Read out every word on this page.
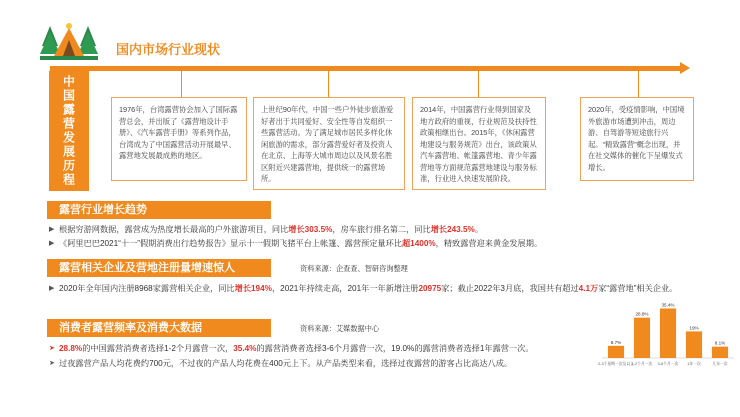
国内市场行业现状
中国露营发展历程	1976年，台湾露营协会加入了国际露营总会，并出版了《露营地设计手册》、《汽车露营手册》等系列作品，台湾成为了中国露营活动开展最早、露营地发展最成熟的地区。
上世纪90年代，中国一些户外徒步旅游爱好者出于共同爱好、安全性等自发组织一些露营活动。为了满足城市居民多样化休闲旅游的需求，部分露营爱好者及投资人在北京、上海等大城市周边以及风景名胜区附近兴建露营地，提供统一的露营场所。
2014年，中国露营行业得到国家及地方政府的重视，行业规范及扶持性政策相继出台。2015年，《休闲露营地建设与服务规范》出台，该政策从汽车露营地、帐篷露营地、青少年露营地等方面规范露营地建设与服务标准，行业进入快速发展阶段。
2020年，受疫情影响，中国境外旅游市场遭到冲击，周边游、自驾游等短途旅行兴起。“精致露营”概念出现，并在社交媒体的催化下呈爆发式增长。
露营行业增长趋势
▶ 根据穷游网数据，露营成为热度增长最高的户外旅游项目，同比增长303.5%，房车旅行排名第二，同比增长243.5%。
▶ 《阿里巴巴2021“十一”假期消费出行趋势报告》显示十一假期飞猪平台上帐篷、露营预定量环比超1400%，精致露营迎来黄金发展期。
露营相关企业及营地注册量增速惊人	资料来源：企查查、智研咨询整理
▶ 2020年全年国内注册8968家露营相关企业，同比增长194%，2021年持续走高，201年一年新增注册20975家；截止2022年3月底，我国共有超过4.1万家“露营地”相关企业。
消费者露营频率及消费大数据	资料来源：艾媒数据中心
➤ 28.8%的中国露营消费者选择1-2个月露营一次，35.4%的露营消费者选择3-6个月露营一次，19.0%的露营消费者选择1年露营一次。
➤ 过夜露营产品人均花费约700元，不过夜的产品人均花费在400元上下。从产品类型来看，选择过夜露营的游客占比高达八成。
8.7%
2-3个星期一次及以上
28.8%
1-2个月一次
35.4%
3-6个月一次
19%
1年一次
8.1%
几年一次
